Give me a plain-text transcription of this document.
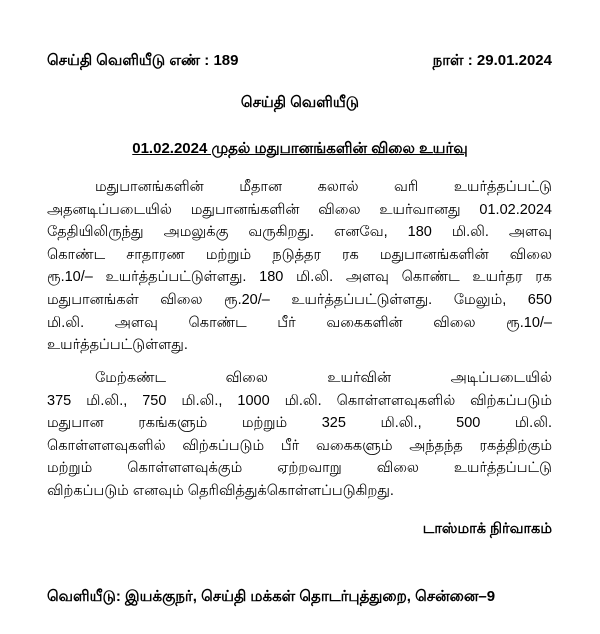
செய்தி வெளியீடு எண் : 189	நாள் : 29.01.2024
செய்தி வெளியீடு
01.02.2024 முதல் மதுபானங்களின் விலை உயர்வு
மதுபானங்களின் மீதான கலால் வரி உயர்த்தப்பட்டு
அதனடிப்படையில் மதுபானங்களின் விலை உயர்வானது 01.02.2024
தேதியிலிருந்து அமலுக்கு வருகிறது. எனவே, 180 மி.லி. அளவு
கொண்ட சாதாரண மற்றும் நடுத்தர ரக மதுபானங்களின் விலை
ரூ.10/– உயர்த்தப்பட்டுள்ளது. 180 மி.லி. அளவு கொண்ட உயர்தர ரக
மதுபானங்கள் விலை ரூ.20/– உயர்த்தப்பட்டுள்ளது. மேலும், 650
மி.லி. அளவு கொண்ட பீர் வகைகளின் விலை ரூ.10/–
உயர்த்தப்பட்டுள்ளது.
மேற்கண்ட விலை உயர்வின் அடிப்படையில்
375 மி.லி., 750 மி.லி., 1000 மி.லி. கொள்ளளவுகளில் விற்கப்படும்
மதுபான ரகங்களும் மற்றும் 325 மி.லி., 500 மி.லி.
கொள்ளளவுகளில் விற்கப்படும் பீர் வகைகளும் அந்தந்த ரகத்திற்கும்
மற்றும் கொள்ளளவுக்கும் ஏற்றவாறு விலை உயர்த்தப்பட்டு
விற்கப்படும் எனவும் தெரிவித்துக்கொள்ளப்படுகிறது.
டாஸ்மாக் நிர்வாகம்
வெளியீடு: இயக்குநர், செய்தி மக்கள் தொடர்புத்துறை, சென்னை–9
